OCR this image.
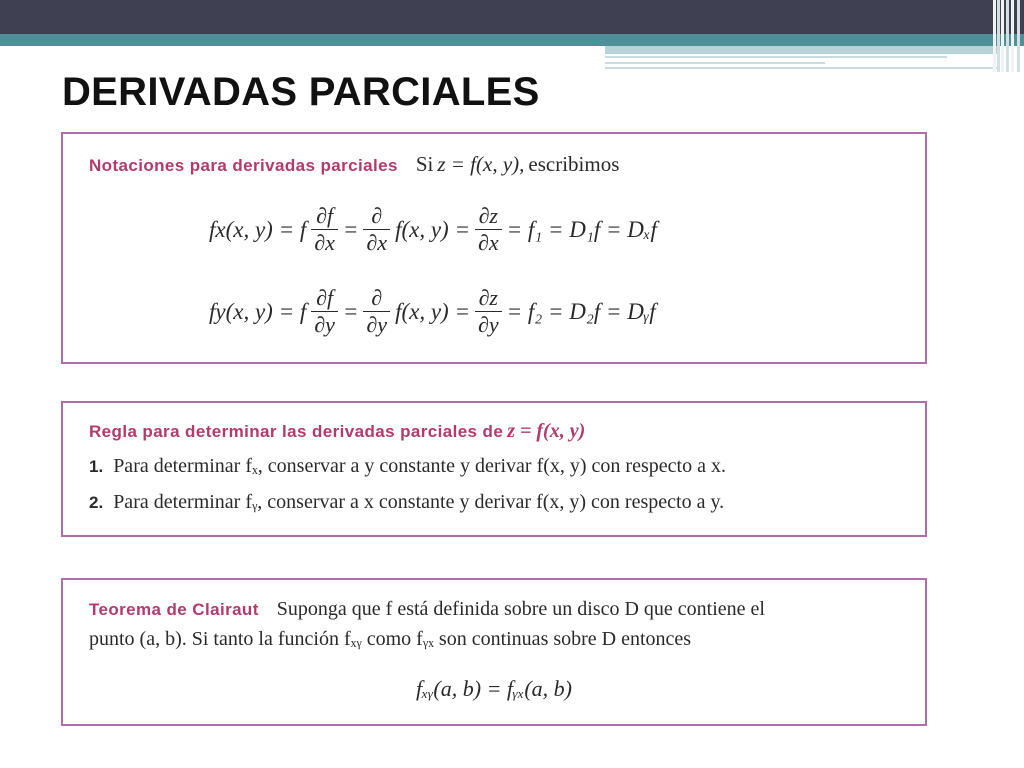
DERIVADAS PARCIALES
Notaciones para derivadas parciales Si z = f(x, y), escribimos
f x(x, y) = f $\frac{\partial f}{\partial x} = \frac{\partial}{\partial x} f(x$, $y) = \frac{\partial z}{\partial x} = f_1 = D_1f = D_xf$
f y(x, y) = f $\frac{\partial f}{\partial y} = \frac{\partial}{\partial y} f(x$, $y) = \frac{\partial z}{\partial y} = f_2 = D_2f$ = Dᵧf
Regla para determinar las derivadas parciales de z = f(x, y)
1. Para determinar fₓ, conservar a y constante y derivar f(x, y) con respecto a x.
2. Para determinar fᵧ, conservar a x constante y derivar f(x, y) con respecto a y.
Teorema de Clairaut Suponga que f está definida sobre un disco D que contiene el
punto (a, b). Si tanto la función fₓᵧ como fᵧₓ son continuas sobre D entonces
fₓᵧ(a, b) = fᵧₓ(a, b)
